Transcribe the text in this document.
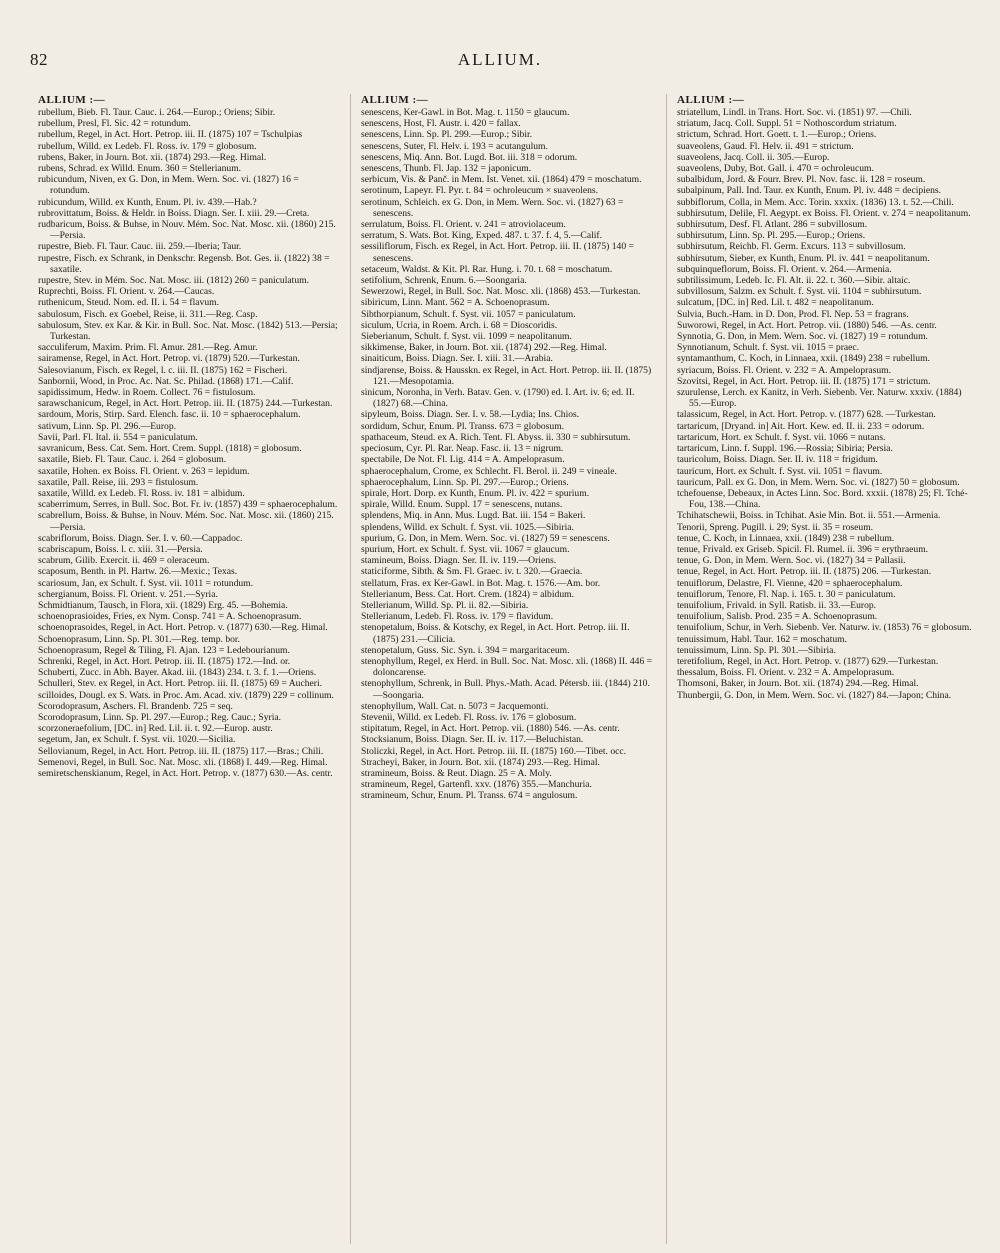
82	ALLIUM.
ALLIUM :—

rubellum, Bieb. Fl. Taur. Cauc. i. 264.—Europ.; Oriens; Sibir.

rubellum, Presl, Fl. Sic. 42 = rotundum.

rubellum, Regel, in Act. Hort. Petrop. iii. II. (1875) 107 = Tschulpias

rubellum, Willd. ex Ledeb. Fl. Ross. iv. 179 = globosum.

rubens, Baker, in Journ. Bot. xii. (1874) 293.—Reg. Himal.

rubens, Schrad. ex Willd. Enum. 360 = Stellerianum.

rubicundum, Niven, ex G. Don, in Mem. Wern. Soc. vi. (1827) 16 = rotundum.

rubicundum, Willd. ex Kunth, Enum. Pl. iv. 439.—Hab.?

rubrovittatum, Boiss. & Heldr. in Boiss. Diagn. Ser. I. xiii. 29.—Creta.

rudbaricum, Boiss. & Buhse, in Nouv. Mém. Soc. Nat. Mosc. xii. (1860) 215.—Persia.

rupestre, Bieb. Fl. Taur. Cauc. iii. 259.—Iberia; Taur.

rupestre, Fisch. ex Schrank, in Denkschr. Regensb. Bot. Ges. ii. (1822) 38 = saxatile.

rupestre, Stev. in Mém. Soc. Nat. Mosc. iii. (1812) 260 = paniculatum.

Ruprechti, Boiss. Fl. Orient. v. 264.—Caucas.

ruthenicum, Steud. Nom. ed. II. i. 54 = flavum.

sabulosum, Fisch. ex Goebel, Reise, ii. 311.—Reg. Casp.

sabulosum, Stev. ex Kar. & Kir. in Bull. Soc. Nat. Mosc. (1842) 513.—Persia; Turkestan.

sacculiferum, Maxim. Prim. Fl. Amur. 281.—Reg. Amur.

sairamense, Regel, in Act. Hort. Petrop. vi. (1879) 520.—Turkestan.

Salesovianum, Fisch. ex Regel, l. c. iii. II. (1875) 162 = Fischeri.

Sanbornii, Wood, in Proc. Ac. Nat. Sc. Philad. (1868) 171.—Calif.

sapidissimum, Hedw. in Roem. Collect. 76 = fistulosum.

sarawschanicum, Regel, in Act. Hort. Petrop. iii. II. (1875) 244.—Turkestan.

sardoum, Moris, Stirp. Sard. Elench. fasc. ii. 10 = sphaerocephalum.

sativum, Linn. Sp. Pl. 296.—Europ.

Savii, Parl. Fl. Ital. ii. 554 = paniculatum.

savranicum, Bess. Cat. Sem. Hort. Crem. Suppl. (1818) = globosum.

saxatile, Bieb. Fl. Taur. Cauc. i. 264 = globosum.

saxatile, Hohen. ex Boiss. Fl. Orient. v. 263 = lepidum.

saxatile, Pall. Reise, iii. 293 = fistulosum.

saxatile, Willd. ex Ledeb. Fl. Ross. iv. 181 = albidum.

scaberrimum, Serres, in Bull. Soc. Bot. Fr. iv. (1857) 439 = sphaerocephalum.

scabrellum, Boiss. & Buhse, in Nouv. Mém. Soc. Nat. Mosc. xii. (1860) 215.—Persia.

scabriflorum, Boiss. Diagn. Ser. I. v. 60.—Cappadoc.

scabriscapum, Boiss. l. c. xiii. 31.—Persia.

scabrum, Gilib. Exercit. ii. 469 = oleraceum.

scaposum, Benth. in Pl. Hartw. 26.—Mexic.; Texas.

scariosum, Jan, ex Schult. f. Syst. vii. 1011 = rotundum.

schergianum, Boiss. Fl. Orient. v. 251.—Syria.

Schmidtianum, Tausch, in Flora, xii. (1829) Erg. 45. —Bohemia.

schoenoprasioides, Fries, ex Nym. Consp. 741 = A. Schoenoprasum.

schoenoprasoides, Regel, in Act. Hort. Petrop. v. (1877) 630.—Reg. Himal.

Schoenoprasum, Linn. Sp. Pl. 301.—Reg. temp. bor.

Schoenoprasum, Regel & Tiling, Fl. Ajan. 123 = Ledebourianum.

Schrenki, Regel, in Act. Hort. Petrop. iii. II. (1875) 172.—Ind. or.

Schuberti, Zucc. in Abh. Bayer. Akad. iii. (1843) 234. t. 3. f. 1.—Oriens.

Schulleri, Stev. ex Regel, in Act. Hort. Petrop. iii. II. (1875) 69 = Aucheri.

scilloides, Dougl. ex S. Wats. in Proc. Am. Acad. xiv. (1879) 229 = collinum.

Scorodoprasum, Aschers. Fl. Brandenb. 725 = seq.

Scorodoprasum, Linn. Sp. Pl. 297.—Europ.; Reg. Cauc.; Syria.

scorzoneraefolium, [DC. in] Red. Lil. ii. t. 92.—Europ. austr.

segetum, Jan, ex Schult. f. Syst. vii. 1020.—Sicilia.

Sellovianum, Regel, in Act. Hort. Petrop. iii. II. (1875) 117.—Bras.; Chili.

Semenovi, Regel, in Bull. Soc. Nat. Mosc. xli. (1868) I. 449.—Reg. Himal.

semiretschenskianum, Regel, in Act. Hort. Petrop. v. (1877) 630.—As. centr.

ALLIUM :—

senescens, Ker-Gawl. in Bot. Mag. t. 1150 = glaucum.

senescens, Host, Fl. Austr. i. 420 = fallax.

senescens, Linn. Sp. Pl. 299.—Europ.; Sibir.

senescens, Suter, Fl. Helv. i. 193 = acutangulum.

senescens, Miq. Ann. Bot. Lugd. Bot. iii. 318 = odorum.

senescens, Thunb. Fl. Jap. 132 = japonicum.

serbicum, Vis. & Panč. in Mem. Ist. Venet. xii. (1864) 479 = moschatum.

serotinum, Lapeyr. Fl. Pyr. t. 84 = ochroleucum × suaveolens.

serotinum, Schleich. ex G. Don, in Mem. Wern. Soc. vi. (1827) 63 = senescens.

serrulatum, Boiss. Fl. Orient. v. 241 = atroviolaceum.

serratum, S. Wats. Bot. King, Exped. 487. t. 37. f. 4, 5.—Calif.

sessiliflorum, Fisch. ex Regel, in Act. Hort. Petrop. iii. II. (1875) 140 = senescens.

setaceum, Waldst. & Kit. Pl. Rar. Hung. i. 70. t. 68 = moschatum.

setifolium, Schrenk, Enum. 6.—Soongaria.

Sewerzowi, Regel, in Bull. Soc. Nat. Mosc. xli. (1868) 453.—Turkestan.

sibiricum, Linn. Mant. 562 = A. Schoenoprasum.

Sibthorpianum, Schult. f. Syst. vii. 1057 = paniculatum.

siculum, Ucria, in Roem. Arch. i. 68 = Dioscoridis.

Sieberianum, Schult. f. Syst. vii. 1099 = neapolitanum.

sikkimense, Baker, in Journ. Bot. xii. (1874) 292.—Reg. Himal.

sinaiticum, Boiss. Diagn. Ser. I. xiii. 31.—Arabia.

sindjarense, Boiss. & Hausskn. ex Regel, in Act. Hort. Petrop. iii. II. (1875) 121.—Mesopotamia.

sinicum, Noronha, in Verh. Batav. Gen. v. (1790) ed. I. Art. iv. 6; ed. II. (1827) 68.—China.

sipyleum, Boiss. Diagn. Ser. I. v. 58.—Lydia; Ins. Chios.

sordidum, Schur, Enum. Pl. Transs. 673 = globosum.

spathaceum, Steud. ex A. Rich. Tent. Fl. Abyss. ii. 330 = subhirsutum.

speciosum, Cyr. Pl. Rar. Neap. Fasc. ii. 13 = nigrum.

spectabile, De Not. Fl. Lig. 414 = A. Ampeloprasum.

sphaerocephalum, Crome, ex Schlecht. Fl. Berol. ii. 249 = vineale.

sphaerocephalum, Linn. Sp. Pl. 297.—Europ.; Oriens.

spirale, Hort. Dorp. ex Kunth, Enum. Pl. iv. 422 = spurium.

spirale, Willd. Enum. Suppl. 17 = senescens, nutans.

splendens, Miq. in Ann. Mus. Lugd. Bat. iii. 154 = Bakeri.

splendens, Willd. ex Schult. f. Syst. vii. 1025.—Sibiria.

spurium, G. Don, in Mem. Wern. Soc. vi. (1827) 59 = senescens.

spurium, Hort. ex Schult. f. Syst. vii. 1067 = glaucum.

stamineum, Boiss. Diagn. Ser. II. iv. 119.—Oriens.

staticiforme, Sibth. & Sm. Fl. Graec. iv. t. 320.—Graecia.

stellatum, Fras. ex Ker-Gawl. in Bot. Mag. t. 1576.—Am. bor.

Stellerianum, Bess. Cat. Hort. Crem. (1824) = albidum.

Stellerianum, Willd. Sp. Pl. ii. 82.—Sibiria.

Stellerianum, Ledeb. Fl. Ross. iv. 179 = flavidum.

stenopetalum, Boiss. & Kotschy, ex Regel, in Act. Hort. Petrop. iii. II. (1875) 231.—Cilicia.

stenopetalum, Guss. Sic. Syn. i. 394 = margaritaceum.

stenophyllum, Regel, ex Herd. in Bull. Soc. Nat. Mosc. xli. (1868) II. 446 = doloncarense.

stenophyllum, Schrenk, in Bull. Phys.-Math. Acad. Pétersb. iii. (1844) 210.—Soongaria.

stenophyllum, Wall. Cat. n. 5073 = Jacquemonti.

Stevenii, Willd. ex Ledeb. Fl. Ross. iv. 176 = globosum.

stipitatum, Regel, in Act. Hort. Petrop. vii. (1880) 546. —As. centr.

Stocksianum, Boiss. Diagn. Ser. II. iv. 117.—Beluchistan.

Stoliczki, Regel, in Act. Hort. Petrop. iii. II. (1875) 160.—Tibet. occ.

Stracheyi, Baker, in Journ. Bot. xii. (1874) 293.—Reg. Himal.

stramineum, Boiss. & Reut. Diagn. 25 = A. Moly.

stramineum, Regel, Gartenfl. xxv. (1876) 355.—Manchuria.

stramineum, Schur, Enum. Pl. Transs. 674 = angulosum.

ALLIUM :—

striatellum, Lindl. in Trans. Hort. Soc. vi. (1851) 97. —Chili.

striatum, Jacq. Coll. Suppl. 51 = Nothoscordum striatum.

strictum, Schrad. Hort. Goett. t. 1.—Europ.; Oriens.

suaveolens, Gaud. Fl. Helv. ii. 491 = strictum.

suaveolens, Jacq. Coll. ii. 305.—Europ.

suaveolens, Duby, Bot. Gall. i. 470 = ochroleucum.

subalbidum, Jord. & Fourr. Brev. Pl. Nov. fasc. ii. 128 = roseum.

subalpinum, Pall. Ind. Taur. ex Kunth, Enum. Pl. iv. 448 = decipiens.

subbiflorum, Colla, in Mem. Acc. Torin. xxxix. (1836) 13. t. 52.—Chili.

subhirsutum, Delile, Fl. Aegypt. ex Boiss. Fl. Orient. v. 274 = neapolitanum.

subhirsutum, Desf. Fl. Atlant. 286 = subvillosum.

subhirsutum, Linn. Sp. Pl. 295.—Europ.; Oriens.

subhirsutum, Reichb. Fl. Germ. Excurs. 113 = subvillosum.

subhirsutum, Sieber, ex Kunth, Enum. Pl. iv. 441 = neapolitanum.

subquinqueflorum, Boiss. Fl. Orient. v. 264.—Armenia.

subtilissimum, Ledeb. Ic. Fl. Alt. ii. 22. t. 360.—Sibir. altaic.

subvillosum, Salzm. ex Schult. f. Syst. vii. 1104 = subhirsutum.

sulcatum, [DC. in] Red. Lil. t. 482 = neapolitanum.

Sulvia, Buch.-Ham. in D. Don, Prod. Fl. Nep. 53 = fragrans.

Suworowi, Regel, in Act. Hort. Petrop. vii. (1880) 546. —As. centr.

Synnotia, G. Don, in Mem. Wern. Soc. vi. (1827) 19 = rotundum.

Synnotianum, Schult. f. Syst. vii. 1015 = praec.

syntamanthum, C. Koch, in Linnaea, xxii. (1849) 238 = rubellum.

syriacum, Boiss. Fl. Orient. v. 232 = A. Ampeloprasum.

Szovitsi, Regel, in Act. Hort. Petrop. iii. II. (1875) 171 = strictum.

szurulense, Lerch. ex Kanitz, in Verh. Siebenb. Ver. Naturw. xxxiv. (1884) 55.—Europ.

talassicum, Regel, in Act. Hort. Petrop. v. (1877) 628. —Turkestan.

tartaricum, [Dryand. in] Ait. Hort. Kew. ed. II. ii. 233 = odorum.

tartaricum, Hort. ex Schult. f. Syst. vii. 1066 = nutans.

tartaricum, Linn. f. Suppl. 196.—Rossia; Sibiria; Persia.

tauricolum, Boiss. Diagn. Ser. II. iv. 118 = frigidum.

tauricum, Hort. ex Schult. f. Syst. vii. 1051 = flavum.

tauricum, Pall. ex G. Don, in Mem. Wern. Soc. vi. (1827) 50 = globosum.

tchefouense, Debeaux, in Actes Linn. Soc. Bord. xxxii. (1878) 25; Fl. Tché-Fou, 138.—China.

Tchihatschewii, Boiss. in Tchihat. Asie Min. Bot. ii. 551.—Armenia.

Tenorii, Spreng. Pugill. i. 29; Syst. ii. 35 = roseum.

tenue, C. Koch, in Linnaea, xxii. (1849) 238 = rubellum.

tenue, Frivald. ex Griseb. Spicil. Fl. Rumel. ii. 396 = erythraeum.

tenue, G. Don, in Mem. Wern. Soc. vi. (1827) 34 = Pallasii.

tenue, Regel, in Act. Hort. Petrop. iii. II. (1875) 206. —Turkestan.

tenuiflorum, Delastre, Fl. Vienne, 420 = sphaerocephalum.

tenuiflorum, Tenore, Fl. Nap. i. 165. t. 30 = paniculatum.

tenuifolium, Frivald. in Syll. Ratisb. ii. 33.—Europ.

tenuifolium, Salisb. Prod. 235 = A. Schoenoprasum.

tenuifolium, Schur, in Verh. Siebenb. Ver. Naturw. iv. (1853) 76 = globosum.

tenuissimum, Habl. Taur. 162 = moschatum.

tenuissimum, Linn. Sp. Pl. 301.—Sibiria.

teretifolium, Regel, in Act. Hort. Petrop. v. (1877) 629.—Turkestan.

thessalum, Boiss. Fl. Orient. v. 232 = A. Ampeloprasum.

Thomsoni, Baker, in Journ. Bot. xii. (1874) 294.—Reg. Himal.

Thunbergii, G. Don, in Mem. Wern. Soc. vi. (1827) 84.—Japon; China.
